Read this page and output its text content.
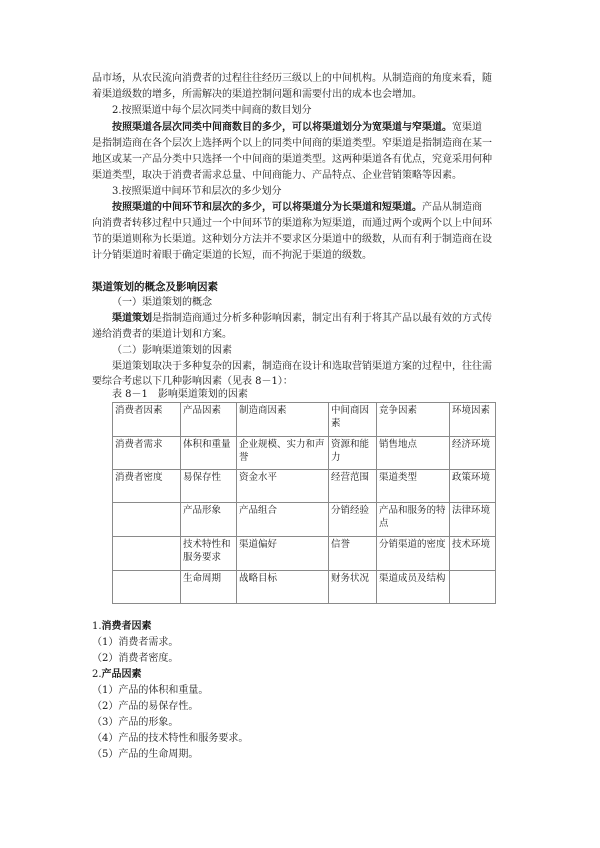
品市场，从农民流向消费者的过程往往经历三级以上的中间机构。从制造商的角度来看，随
着渠道级数的增多，所需解决的渠道控制问题和需要付出的成本也会增加。
2.按照渠道中每个层次同类中间商的数目划分
按照渠道各层次同类中间商数目的多少，可以将渠道划分为宽渠道与窄渠道。宽渠道
是指制造商在各个层次上选择两个以上的同类中间商的渠道类型。窄渠道是指制造商在某一
地区或某一产品分类中只选择一个中间商的渠道类型。这两种渠道各有优点，究竟采用何种
渠道类型，取决于消费者需求总量、中间商能力、产品特点、企业营销策略等因素。
3.按照渠道中间环节和层次的多少划分
按照渠道的中间环节和层次的多少，可以将渠道分为长渠道和短渠道。产品从制造商
向消费者转移过程中只通过一个中间环节的渠道称为短渠道，而通过两个或两个以上中间环
节的渠道则称为长渠道。这种划分方法并不要求区分渠道中的级数，从而有利于制造商在设
计分销渠道时着眼于确定渠道的长短，而不拘泥于渠道的级数。
渠道策划的概念及影响因素
（一）渠道策划的概念
渠道策划是指制造商通过分析多种影响因素，制定出有利于将其产品以最有效的方式传
递给消费者的渠道计划和方案。
（二）影响渠道策划的因素
渠道策划取决于多种复杂的因素，制造商在设计和选取营销渠道方案的过程中，往往需
要综合考虑以下几种影响因素（见表 8－1）：
表 8－1　影响渠道策划的因素
消费者因素	产品因素	制造商因素	中间商因素	竞争因素	环境因素
消费者需求	体积和重量	企业规模、实力和声誉	资源和能力	销售地点	经济环境
消费者密度	易保存性	资金水平	经营范围	渠道类型	政策环境
	产品形象	产品组合	分销经验	产品和服务的特点	法律环境
	技术特性和服务要求	渠道偏好	信誉	分销渠道的密度	技术环境
	生命周期	战略目标	财务状况	渠道成员及结构	
1.消费者因素
（1）消费者需求。
（2）消费者密度。
2.产品因素
（1）产品的体积和重量。
（2）产品的易保存性。
（3）产品的形象。
（4）产品的技术特性和服务要求。
（5）产品的生命周期。
